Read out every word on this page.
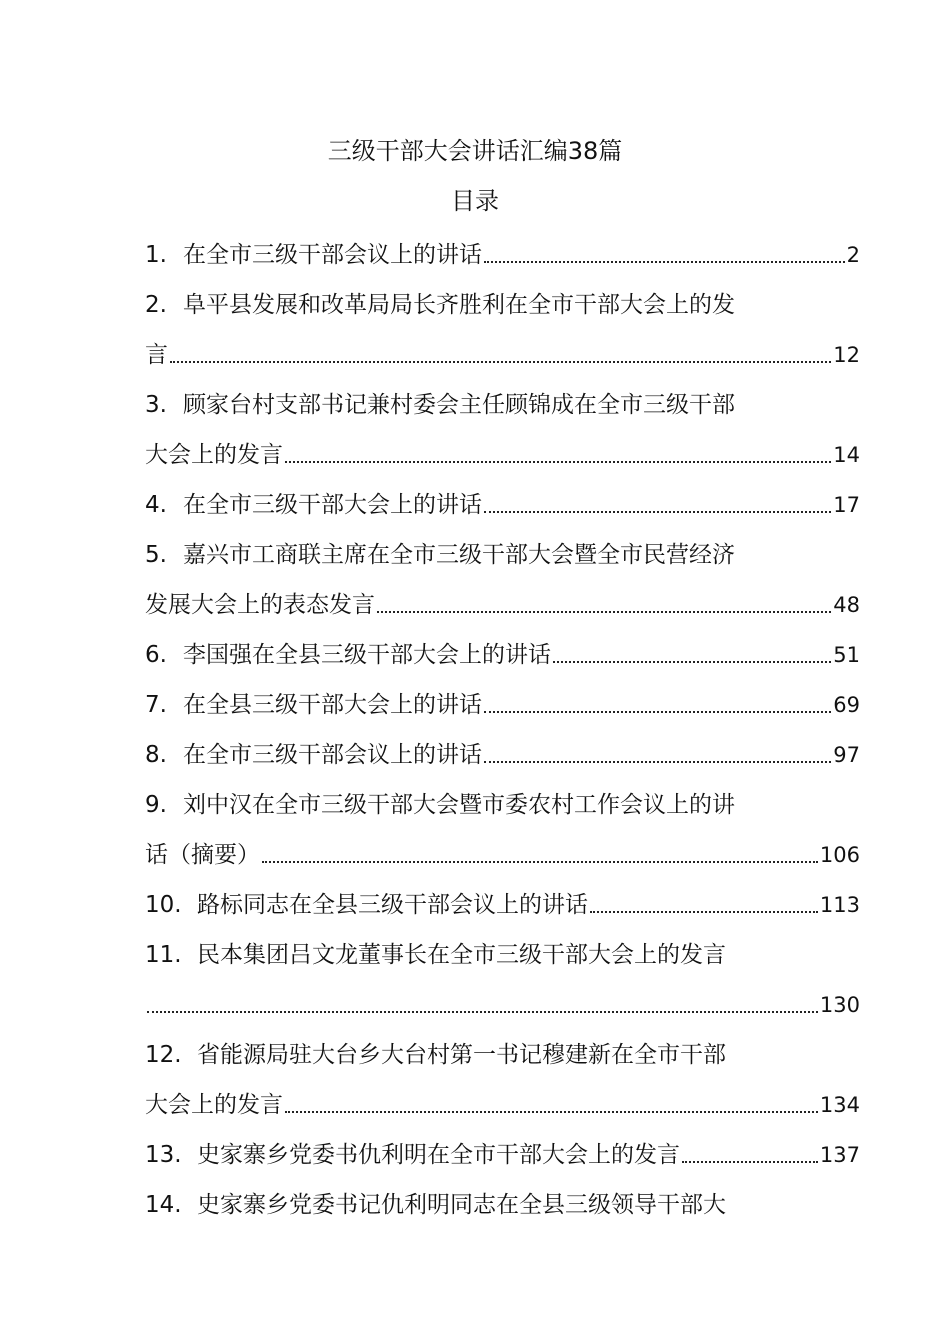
三级干部大会讲话汇编38篇
目录
1. 在全市三级干部会议上的讲话	2
2. 阜平县发展和改革局局长齐胜利在全市干部大会上的发
言	12
3. 顾家台村支部书记兼村委会主任顾锦成在全市三级干部
大会上的发言	14
4. 在全市三级干部大会上的讲话	17
5. 嘉兴市工商联主席在全市三级干部大会暨全市民营经济
发展大会上的表态发言	48
6. 李国强在全县三级干部大会上的讲话	51
7. 在全县三级干部大会上的讲话	69
8. 在全市三级干部会议上的讲话	97
9. 刘中汉在全市三级干部大会暨市委农村工作会议上的讲
话（摘要）	106
10. 路标同志在全县三级干部会议上的讲话	113
11. 民本集团吕文龙董事长在全市三级干部大会上的发言
130
12. 省能源局驻大台乡大台村第一书记穆建新在全市干部
大会上的发言	134
13. 史家寨乡党委书仇利明在全市干部大会上的发言	137
14. 史家寨乡党委书记仇利明同志在全县三级领导干部大
